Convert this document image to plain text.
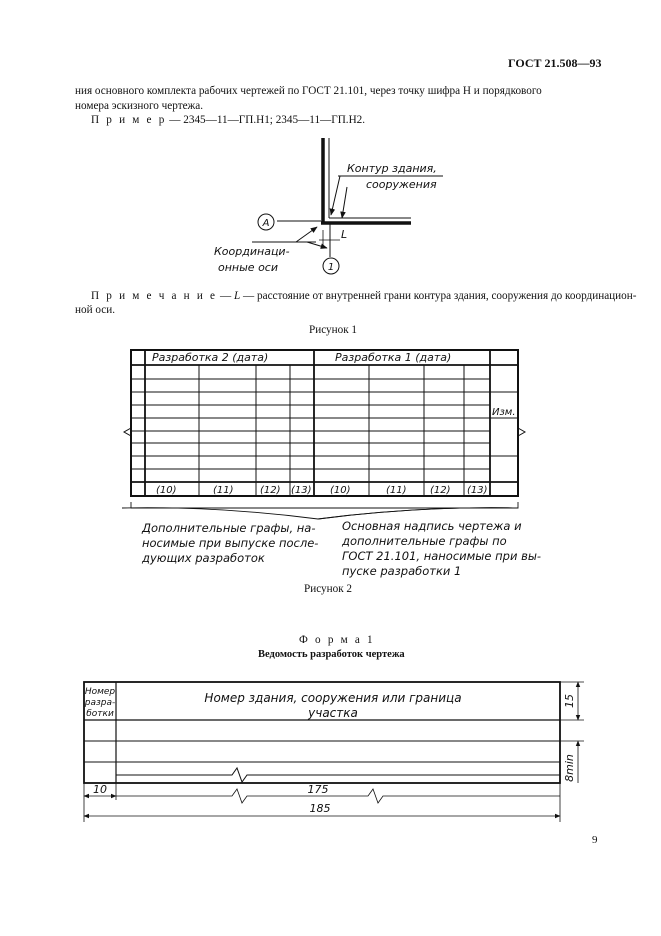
ГОСТ 21.508—93
ния основного комплекта рабочих чертежей по ГОСТ 21.101, через точку шифра Н и порядкового
номера эскизного чертежа.
П р и м е р — 2345—11—ГП.Н1; 2345—11—ГП.Н2.
П р и м е ч а н и е — L — расстояние от внутренней грани контура здания, сооружения до координацион-
ной оси.
Рисунок 1
Рисунок 2
Ф о р м а 1
Ведомость разработок чертежа
9
A
1
Контур здания,
сооружения
Координаци-
онные оси
L
Разработка 2 (дата)	Разработка 1 (дата)
Изм.
(10)	(11)	(12) (13) (10)	(11) (12) (13)
Дополнительные графы, на-
носимые при выпуске после-
дующих разработок
Основная надпись чертежа и
дополнительные графы по
ГОСТ 21.101, наносимые при вы-
пуске разработки 1
Номер
разра-
ботки
Номер здания, сооружения или граница
участка
10	175
185
15
8min
